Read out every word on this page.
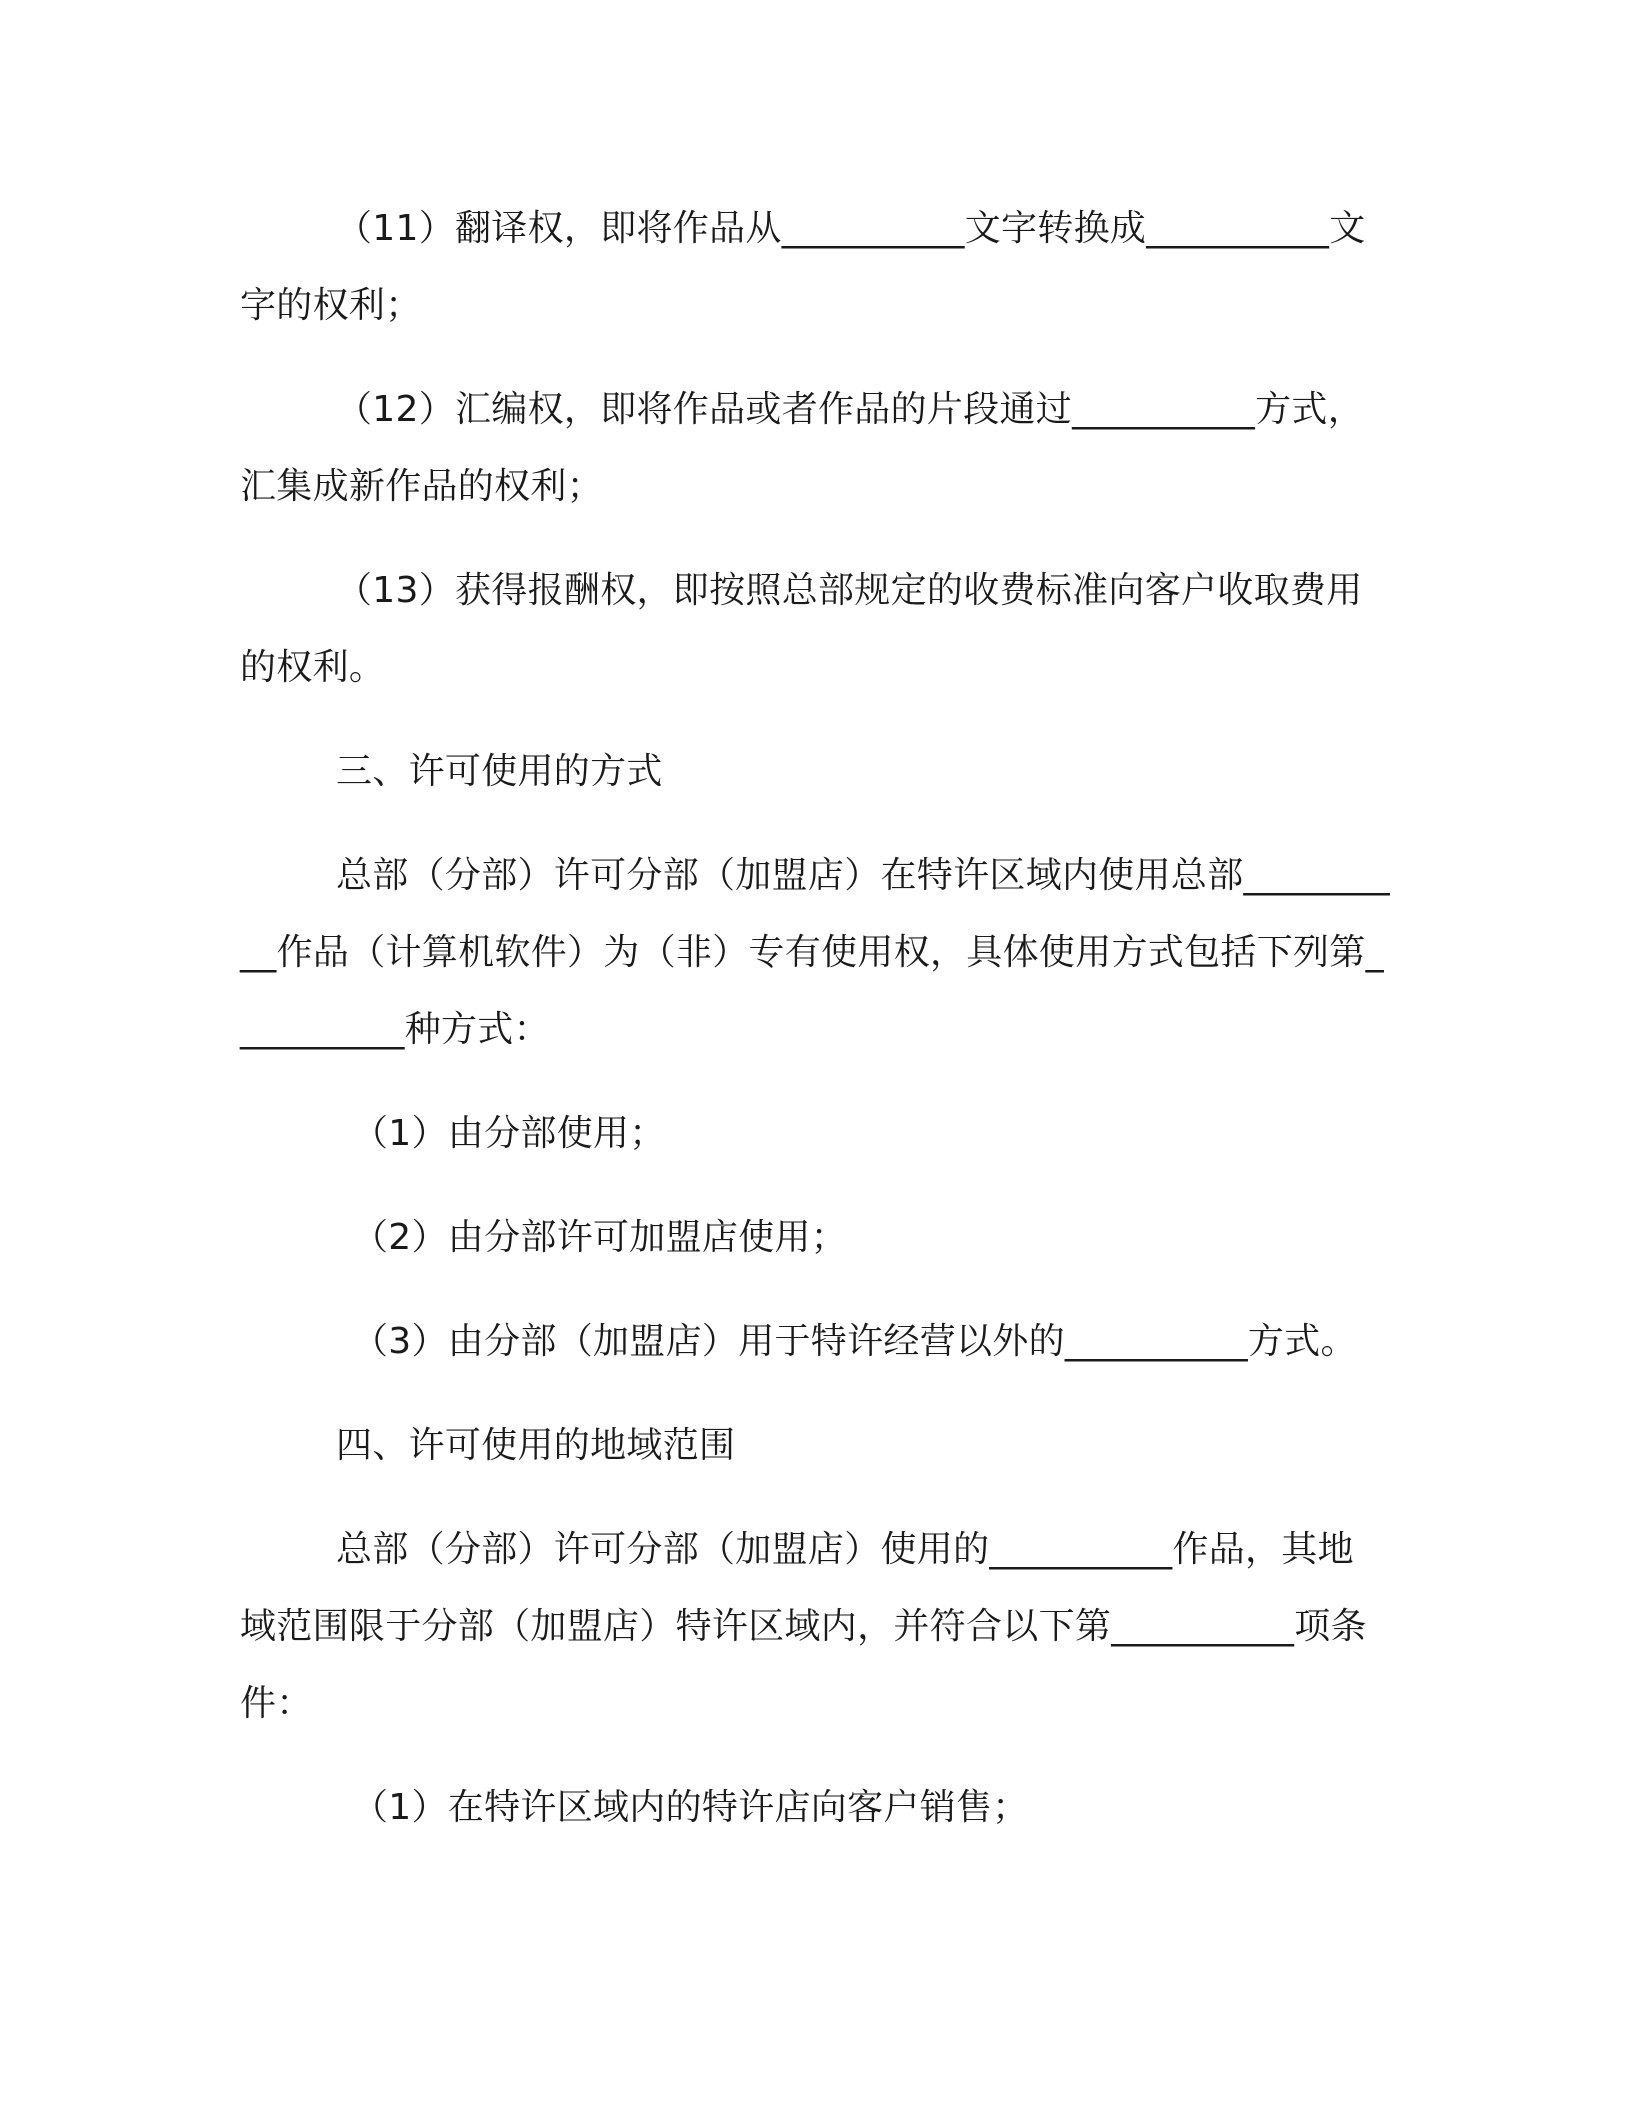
（11）翻译权，即将作品从__________文字转换成__________文字的权利；

（12）汇编权，即将作品或者作品的片段通过__________方式，汇集成新作品的权利；

（13）获得报酬权，即按照总部规定的收费标准向客户收取费用的权利。

三、许可使用的方式

总部（分部）许可分部（加盟店）在特许区域内使用总部__________作品（计算机软件）为（非）专有使用权，具体使用方式包括下列第__________种方式：

（1）由分部使用；

（2）由分部许可加盟店使用；

（3）由分部（加盟店）用于特许经营以外的__________方式。

四、许可使用的地域范围

总部（分部）许可分部（加盟店）使用的__________作品，其地域范围限于分部（加盟店）特许区域内，并符合以下第__________项条件：

（1）在特许区域内的特许店向客户销售；
